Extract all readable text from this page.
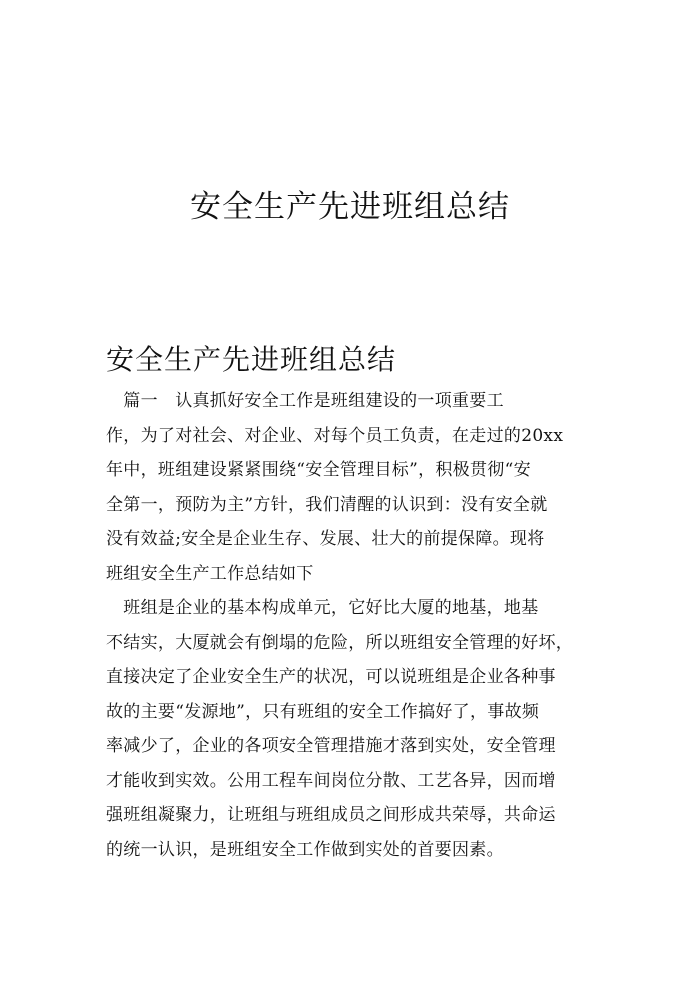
安全生产先进班组总结
安全生产先进班组总结
　篇一　认真抓好安全工作是班组建设的一项重要工
作，为了对社会、对企业、对每个员工负责，在走过的20xx
年中，班组建设紧紧围绕“安全管理目标”，积极贯彻“安
全第一，预防为主”方针，我们清醒的认识到：没有安全就
没有效益;安全是企业生存、发展、壮大的前提保障。现将
班组安全生产工作总结如下
　班组是企业的基本构成单元，它好比大厦的地基，地基
不结实，大厦就会有倒塌的危险，所以班组安全管理的好坏，
直接决定了企业安全生产的状况，可以说班组是企业各种事
故的主要“发源地”，只有班组的安全工作搞好了，事故频
率减少了，企业的各项安全管理措施才落到实处，安全管理
才能收到实效。公用工程车间岗位分散、工艺各异，因而增
强班组凝聚力，让班组与班组成员之间形成共荣辱，共命运
的统一认识，是班组安全工作做到实处的首要因素。
